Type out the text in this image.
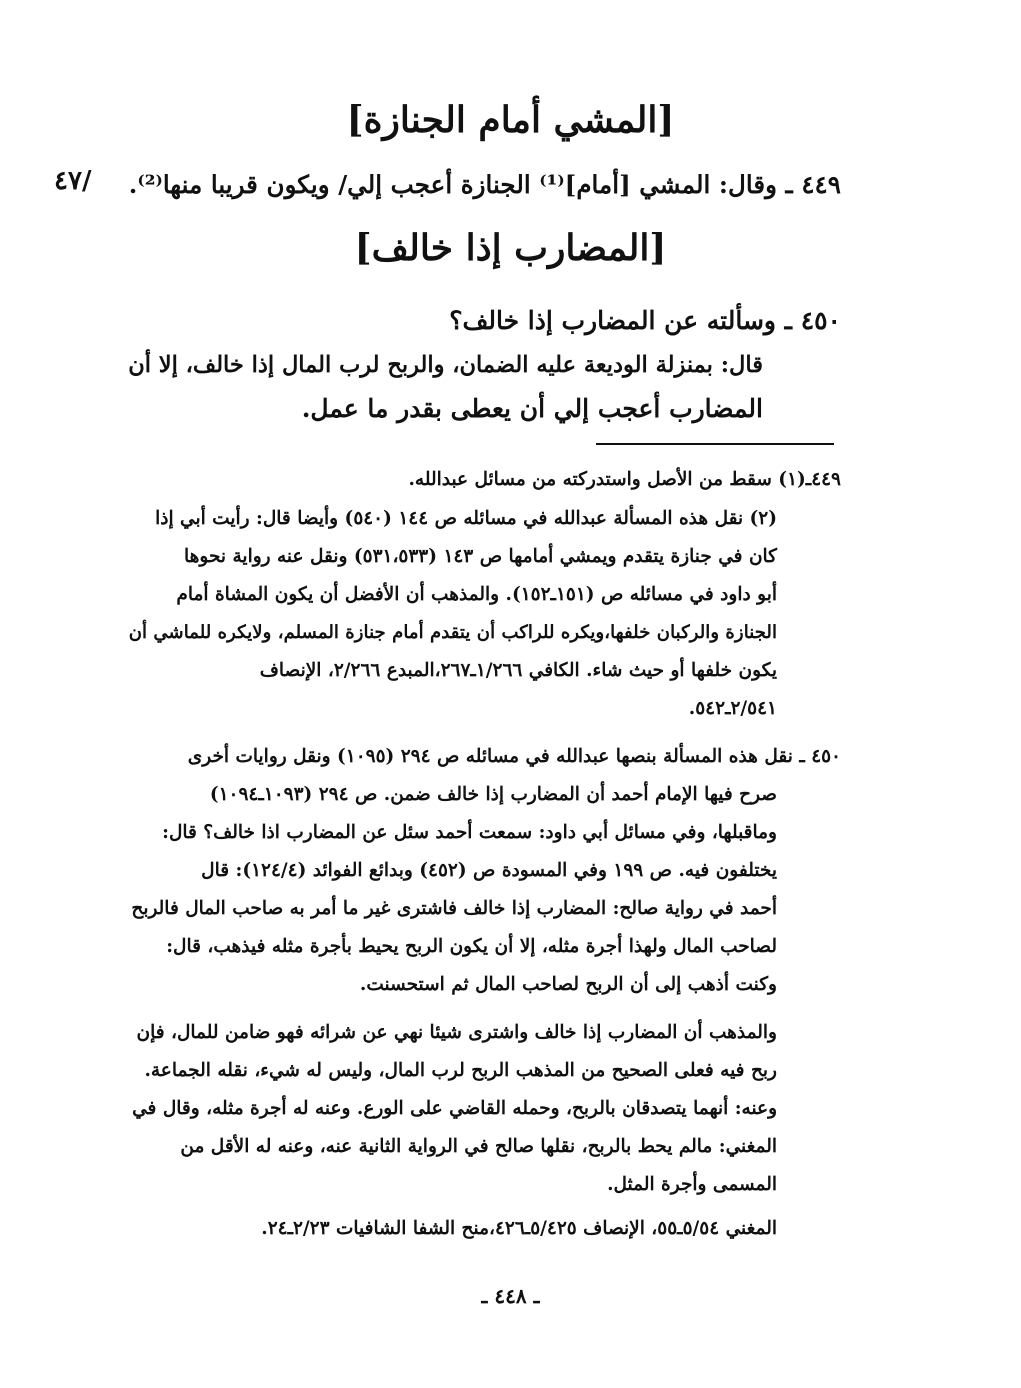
[المشي أمام الجنازة]
/٤٧ ٤٤٩ ـ وقال: المشي [أمام]⁽¹⁾ الجنازة أعجب إلي/ ويكون قريبا منها⁽²⁾.
[المضارب إذا خالف]
٤٥٠ ـ وسألته عن المضارب إذا خالف؟
قال: بمنزلة الوديعة عليه الضمان، والربح لرب المال إذا خالف، إلا أن
المضارب أعجب إلي أن يعطى بقدر ما عمل.
٤٤٩ـ(١) سقط من الأصل واستدركته من مسائل عبدالله.
(٢) نقل هذه المسألة عبدالله في مسائله ص ١٤٤ (٥٤٠) وأيضا قال: رأيت أبي إذا
كان في جنازة يتقدم ويمشي أمامها ص ١٤٣ (٥٣١،٥٣٣) ونقل عنه رواية نحوها
أبو داود في مسائله ص (١٥١ـ١٥٢). والمذهب أن الأفضل أن يكون المشاة أمام
الجنازة والركبان خلفها،ويكره للراكب أن يتقدم أمام جنازة المسلم، ولايكره للماشي أن
يكون خلفها أو حيث شاء. الكافي ١/٢٦٦ـ٢٦٧،المبدع ٢/٢٦٦، الإنصاف
٢/٥٤١ـ٥٤٢.
٤٥٠ ـ نقل هذه المسألة بنصها عبدالله في مسائله ص ٢٩٤ (١٠٩٥) ونقل روايات أخرى
صرح فيها الإمام أحمد أن المضارب إذا خالف ضمن. ص ٢٩٤ (١٠٩٣ـ١٠٩٤)
وماقبلها، وفي مسائل أبي داود: سمعت أحمد سئل عن المضارب اذا خالف؟ قال:
يختلفون فيه. ص ١٩٩ وفي المسودة ص (٤٥٢) وبدائع الفوائد (١٢٤/٤): قال
أحمد في رواية صالح: المضارب إذا خالف فاشترى غير ما أمر به صاحب المال فالربح
لصاحب المال ولهذا أجرة مثله، إلا أن يكون الربح يحيط بأجرة مثله فيذهب، قال:
وكنت أذهب إلى أن الربح لصاحب المال ثم استحسنت.
والمذهب أن المضارب إذا خالف واشترى شيئا نهي عن شرائه فهو ضامن للمال، فإن
ربح فيه فعلى الصحيح من المذهب الربح لرب المال، وليس له شيء، نقله الجماعة.
وعنه: أنهما يتصدقان بالربح، وحمله القاضي على الورع. وعنه له أجرة مثله، وقال في
المغني: مالم يحط بالربح، نقلها صالح في الرواية الثانية عنه، وعنه له الأقل من
المسمى وأجرة المثل.
المغني ٥/٥٤ـ٥٥، الإنصاف ٥/٤٢٥ـ٤٢٦،منح الشفا الشافيات ٢/٢٣ـ٢٤.
ـ ٤٤٨ ـ
